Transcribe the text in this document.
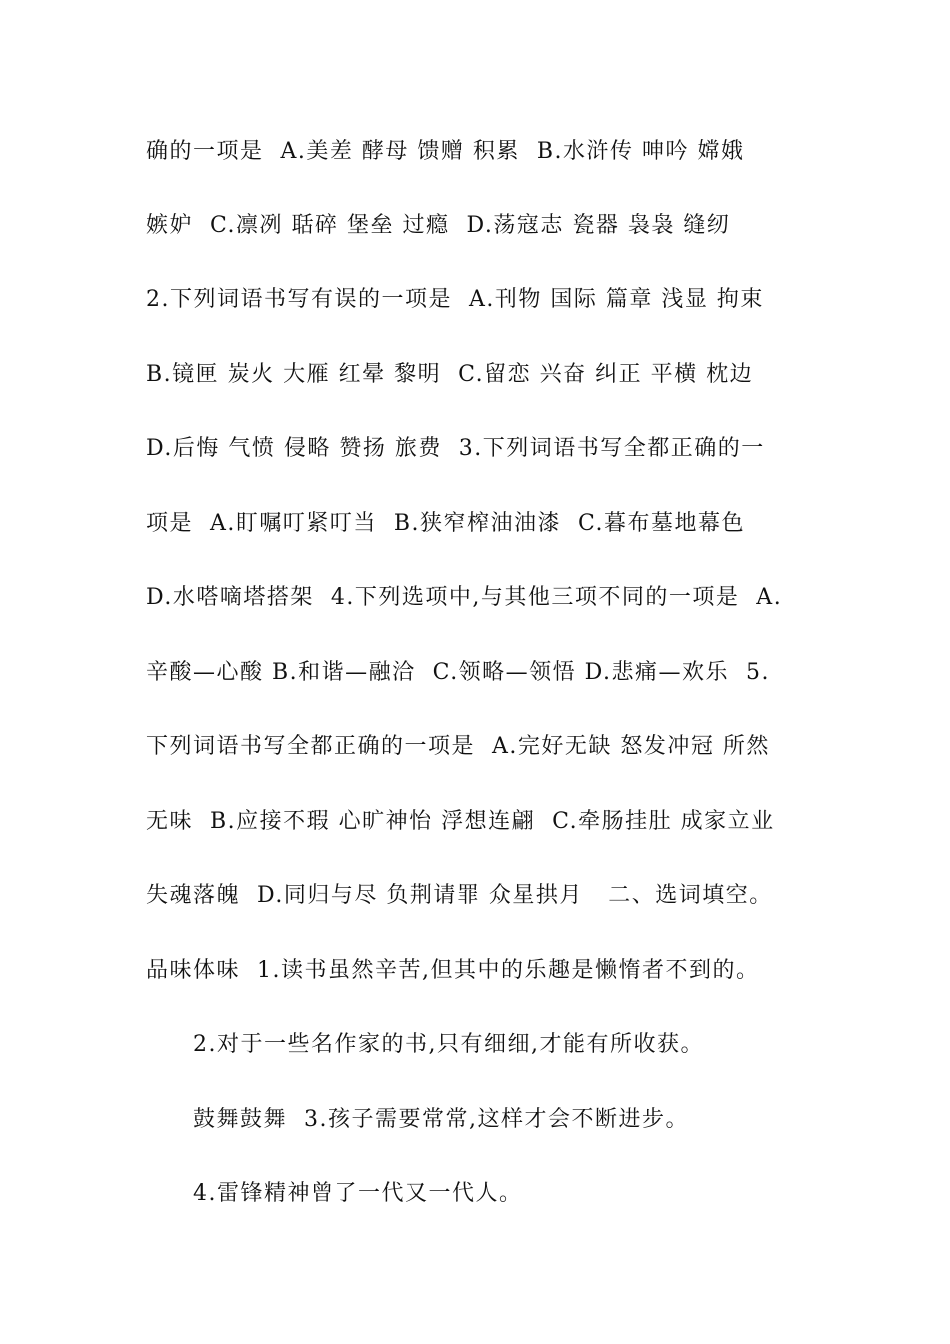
确的一项是  A.美差 酵母 馈赠 积累  B.水浒传 呻吟 嫦娥
嫉妒  C.凛冽 聒碎 堡垒 过瘾  D.荡寇志 瓷器 袅袅 缝纫
2.下列词语书写有误的一项是  A.刊物 国际 篇章 浅显 拘束
B.镜匣 炭火 大雁 红晕 黎明  C.留恋 兴奋 纠正 平横 枕边
D.后悔 气愤 侵略 赞扬 旅费  3.下列词语书写全都正确的一
项是  A.盯嘱叮紧叮当  B.狭窄榨油油漆  C.暮布墓地幕色
D.水嗒嘀塔搭架  4.下列选项中,与其他三项不同的一项是  A.
辛酸—心酸 B.和谐—融洽  C.领略—领悟 D.悲痛—欢乐  5.
下列词语书写全都正确的一项是  A.完好无缺 怒发冲冠 所然
无味  B.应接不瑕 心旷神怡 浮想连翩  C.牵肠挂肚 成家立业
失魂落魄  D.同归与尽 负荆请罪 众星拱月   二、选词填空。
品味体味  1.读书虽然辛苦,但其中的乐趣是懒惰者不到的。
2.对于一些名作家的书,只有细细,才能有所收获。
鼓舞鼓舞  3.孩子需要常常,这样才会不断进步。
4.雷锋精神曾了一代又一代人。
